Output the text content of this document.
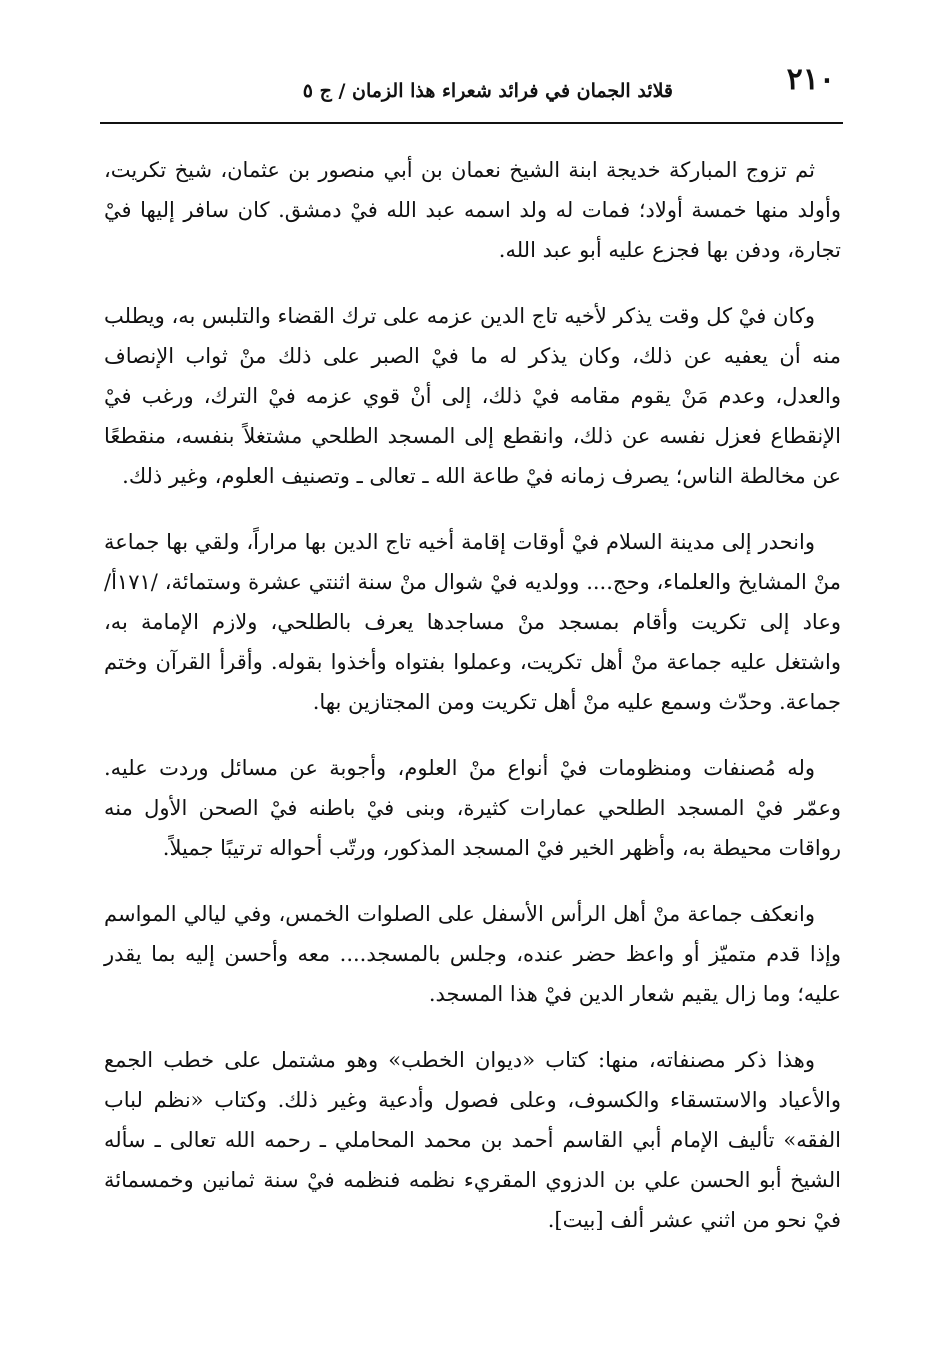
٢١٠
قلائد الجمان في فرائد شعراء هذا الزمان / ج ٥

ثم تزوج المباركة خديجة ابنة الشيخ نعمان بن أبي منصور بن عثمان، شيخ تكريت، وأولد منها خمسة أولاد؛ فمات له ولد اسمه عبد الله فيْ دمشق. كان سافر إليها فيْ تجارة، ودفن بها فجزع عليه أبو عبد الله.

وكان فيْ كل وقت يذكر لأخيه تاج الدين عزمه على ترك القضاء والتلبس به، ويطلب منه أن يعفيه عن ذلك، وكان يذكر له ما فيْ الصبر على ذلك منْ ثواب الإنصاف والعدل، وعدم مَنْ يقوم مقامه فيْ ذلك، إلى أنْ قوي عزمه فيْ الترك، ورغب فيْ الإنقطاع فعزل نفسه عن ذلك، وانقطع إلى المسجد الطلحي مشتغلاً بنفسه، منقطعًا عن مخالطة الناس؛ يصرف زمانه فيْ طاعة الله ـ تعالى ـ وتصنيف العلوم، وغير ذلك.

وانحدر إلى مدينة السلام فيْ أوقات إقامة أخيه تاج الدين بها مراراً، ولقي بها جماعة منْ المشايخ والعلماء، وحج.... وولديه فيْ شوال منْ سنة اثنتي عشرة وستمائة، /١٧١أ/ وعاد إلى تكريت وأقام بمسجد منْ مساجدها يعرف بالطلحي، ولازم الإمامة به، واشتغل عليه جماعة منْ أهل تكريت، وعملوا بفتواه وأخذوا بقوله. وأقرأ القرآن وختم جماعة. وحدّث وسمع عليه منْ أهل تكريت ومن المجتازين بها.

وله مُصنفات ومنظومات فيْ أنواع منْ العلوم، وأجوبة عن مسائل وردت عليه. وعمّر فيْ المسجد الطلحي عمارات كثيرة، وبنى فيْ باطنه فيْ الصحن الأول منه رواقات محيطة به، وأظهر الخير فيْ المسجد المذكور، ورتّب أحواله ترتيبًا جميلاً.

وانعكف جماعة منْ أهل الرأس الأسفل على الصلوات الخمس، وفي ليالي المواسم وإذا قدم متميّز أو واعظ حضر عنده، وجلس بالمسجد.... معه وأحسن إليه بما يقدر عليه؛ وما زال يقيم شعار الدين فيْ هذا المسجد.

وهذا ذكر مصنفاته، منها: كتاب «ديوان الخطب» وهو مشتمل على خطب الجمع والأعياد والاستسقاء والكسوف، وعلى فصول وأدعية وغير ذلك. وكتاب «نظم لباب الفقه» تأليف الإمام أبي القاسم أحمد بن محمد المحاملي ـ رحمه الله تعالى ـ سأله الشيخ أبو الحسن علي بن الدزوي المقريء نظمه فنظمه فيْ سنة ثمانين وخمسمائة فيْ نحو من اثني عشر ألف [بيت].
